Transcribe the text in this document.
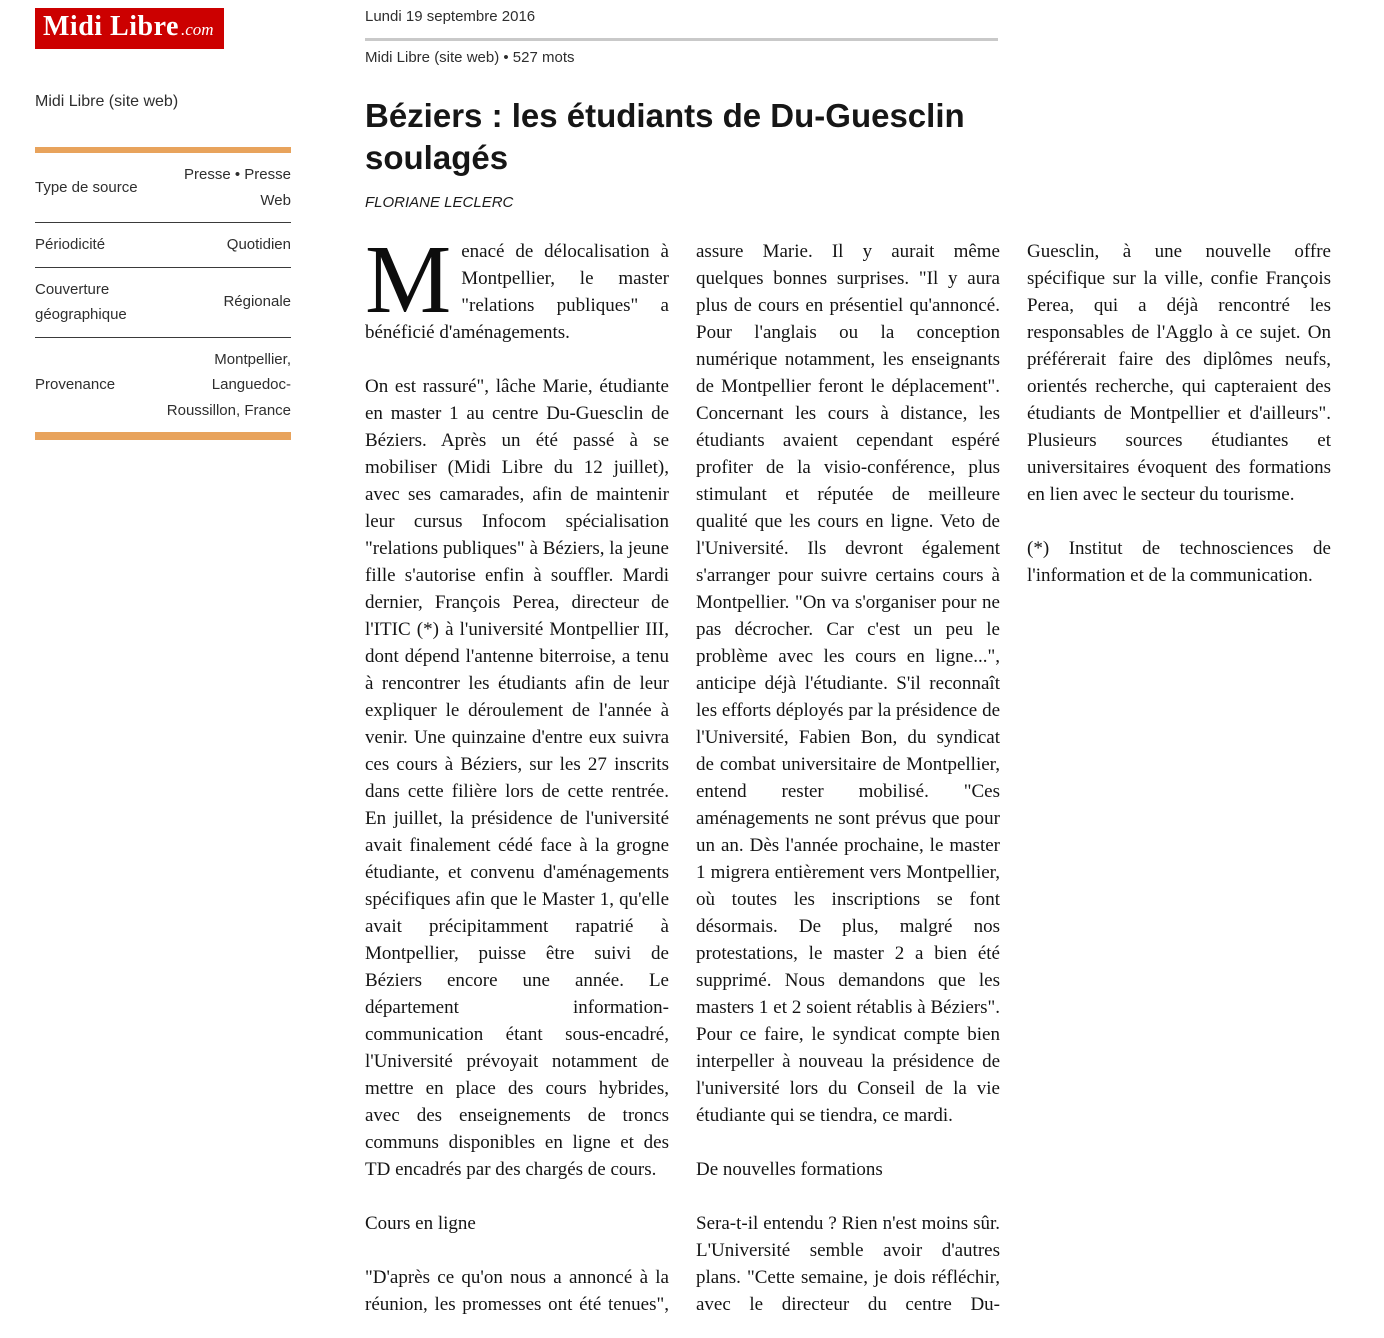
Midi Libre .com
Midi Libre (site web)
Type de source
Presse • Presse Web
Périodicité	Quotidien
Couverture géographique
Régionale
Provenance
Montpellier, Languedoc-Roussillon, France
Lundi 19 septembre 2016
Midi Libre (site web) • 527 mots
Béziers : les étudiants de Du-Guesclin soulagés
FLORIANE LECLERC

Menacé de délocalisation à Montpellier, le master "relations publiques" a bénéficié d'aménagements.

On est rassuré", lâche Marie, étudiante en master 1 au centre Du-Guesclin de Béziers. Après un été passé à se mobiliser (Midi Libre du 12 juillet), avec ses camarades, afin de maintenir leur cursus Infocom spécialisation "relations publiques" à Béziers, la jeune fille s'autorise enfin à souffler. Mardi dernier, François Perea, directeur de l'ITIC (*) à l'université Montpellier III, dont dépend l'antenne biterroise, a tenu à rencontrer les étudiants afin de leur expliquer le déroulement de l'année à venir. Une quinzaine d'entre eux suivra ces cours à Béziers, sur les 27 inscrits dans cette filière lors de cette rentrée. En juillet, la présidence de l'université avait finalement cédé face à la grogne étudiante, et convenu d'aménagements spécifiques afin que le Master 1, qu'elle avait précipitamment rapatrié à Montpellier, puisse être suivi de Béziers encore une année. Le département information-communication étant sous-encadré, l'Université prévoyait notamment de mettre en place des cours hybrides, avec des enseignements de troncs communs disponibles en ligne et des TD encadrés par des chargés de cours.

Cours en ligne

"D'après ce qu'on nous a annoncé à la réunion, les promesses ont été tenues", assure Marie. Il y aurait même quelques bonnes surprises. "Il y aura plus de cours en présentiel qu'annoncé. Pour l'anglais ou la conception numérique notamment, les enseignants de Montpellier feront le déplacement". Concernant les cours à distance, les étudiants avaient cependant espéré profiter de la visio-conférence, plus stimulant et réputée de meilleure qualité que les cours en ligne. Veto de l'Université. Ils devront également s'arranger pour suivre certains cours à Montpellier. "On va s'organiser pour ne pas décrocher. Car c'est un peu le problème avec les cours en ligne...", anticipe déjà l'étudiante. S'il reconnaît les efforts déployés par la présidence de l'Université, Fabien Bon, du syndicat de combat universitaire de Montpellier, entend rester mobilisé. "Ces aménagements ne sont prévus que pour un an. Dès l'année prochaine, le master 1 migrera entièrement vers Montpellier, où toutes les inscriptions se font désormais. De plus, malgré nos protestations, le master 2 a bien été supprimé. Nous demandons que les masters 1 et 2 soient rétablis à Béziers". Pour ce faire, le syndicat compte bien interpeller à nouveau la présidence de l'université lors du Conseil de la vie étudiante qui se tiendra, ce mardi.

De nouvelles formations

Sera-t-il entendu ? Rien n'est moins sûr. L'Université semble avoir d'autres plans. "Cette semaine, je dois réfléchir, avec le directeur du centre Du-Guesclin, à une nouvelle offre spécifique sur la ville, confie François Perea, qui a déjà rencontré les responsables de l'Agglo à ce sujet. On préférerait faire des diplômes neufs, orientés recherche, qui capteraient des étudiants de Montpellier et d'ailleurs". Plusieurs sources étudiantes et universitaires évoquent des formations en lien avec le secteur du tourisme.

(*) Institut de technosciences de l'information et de la communication.
